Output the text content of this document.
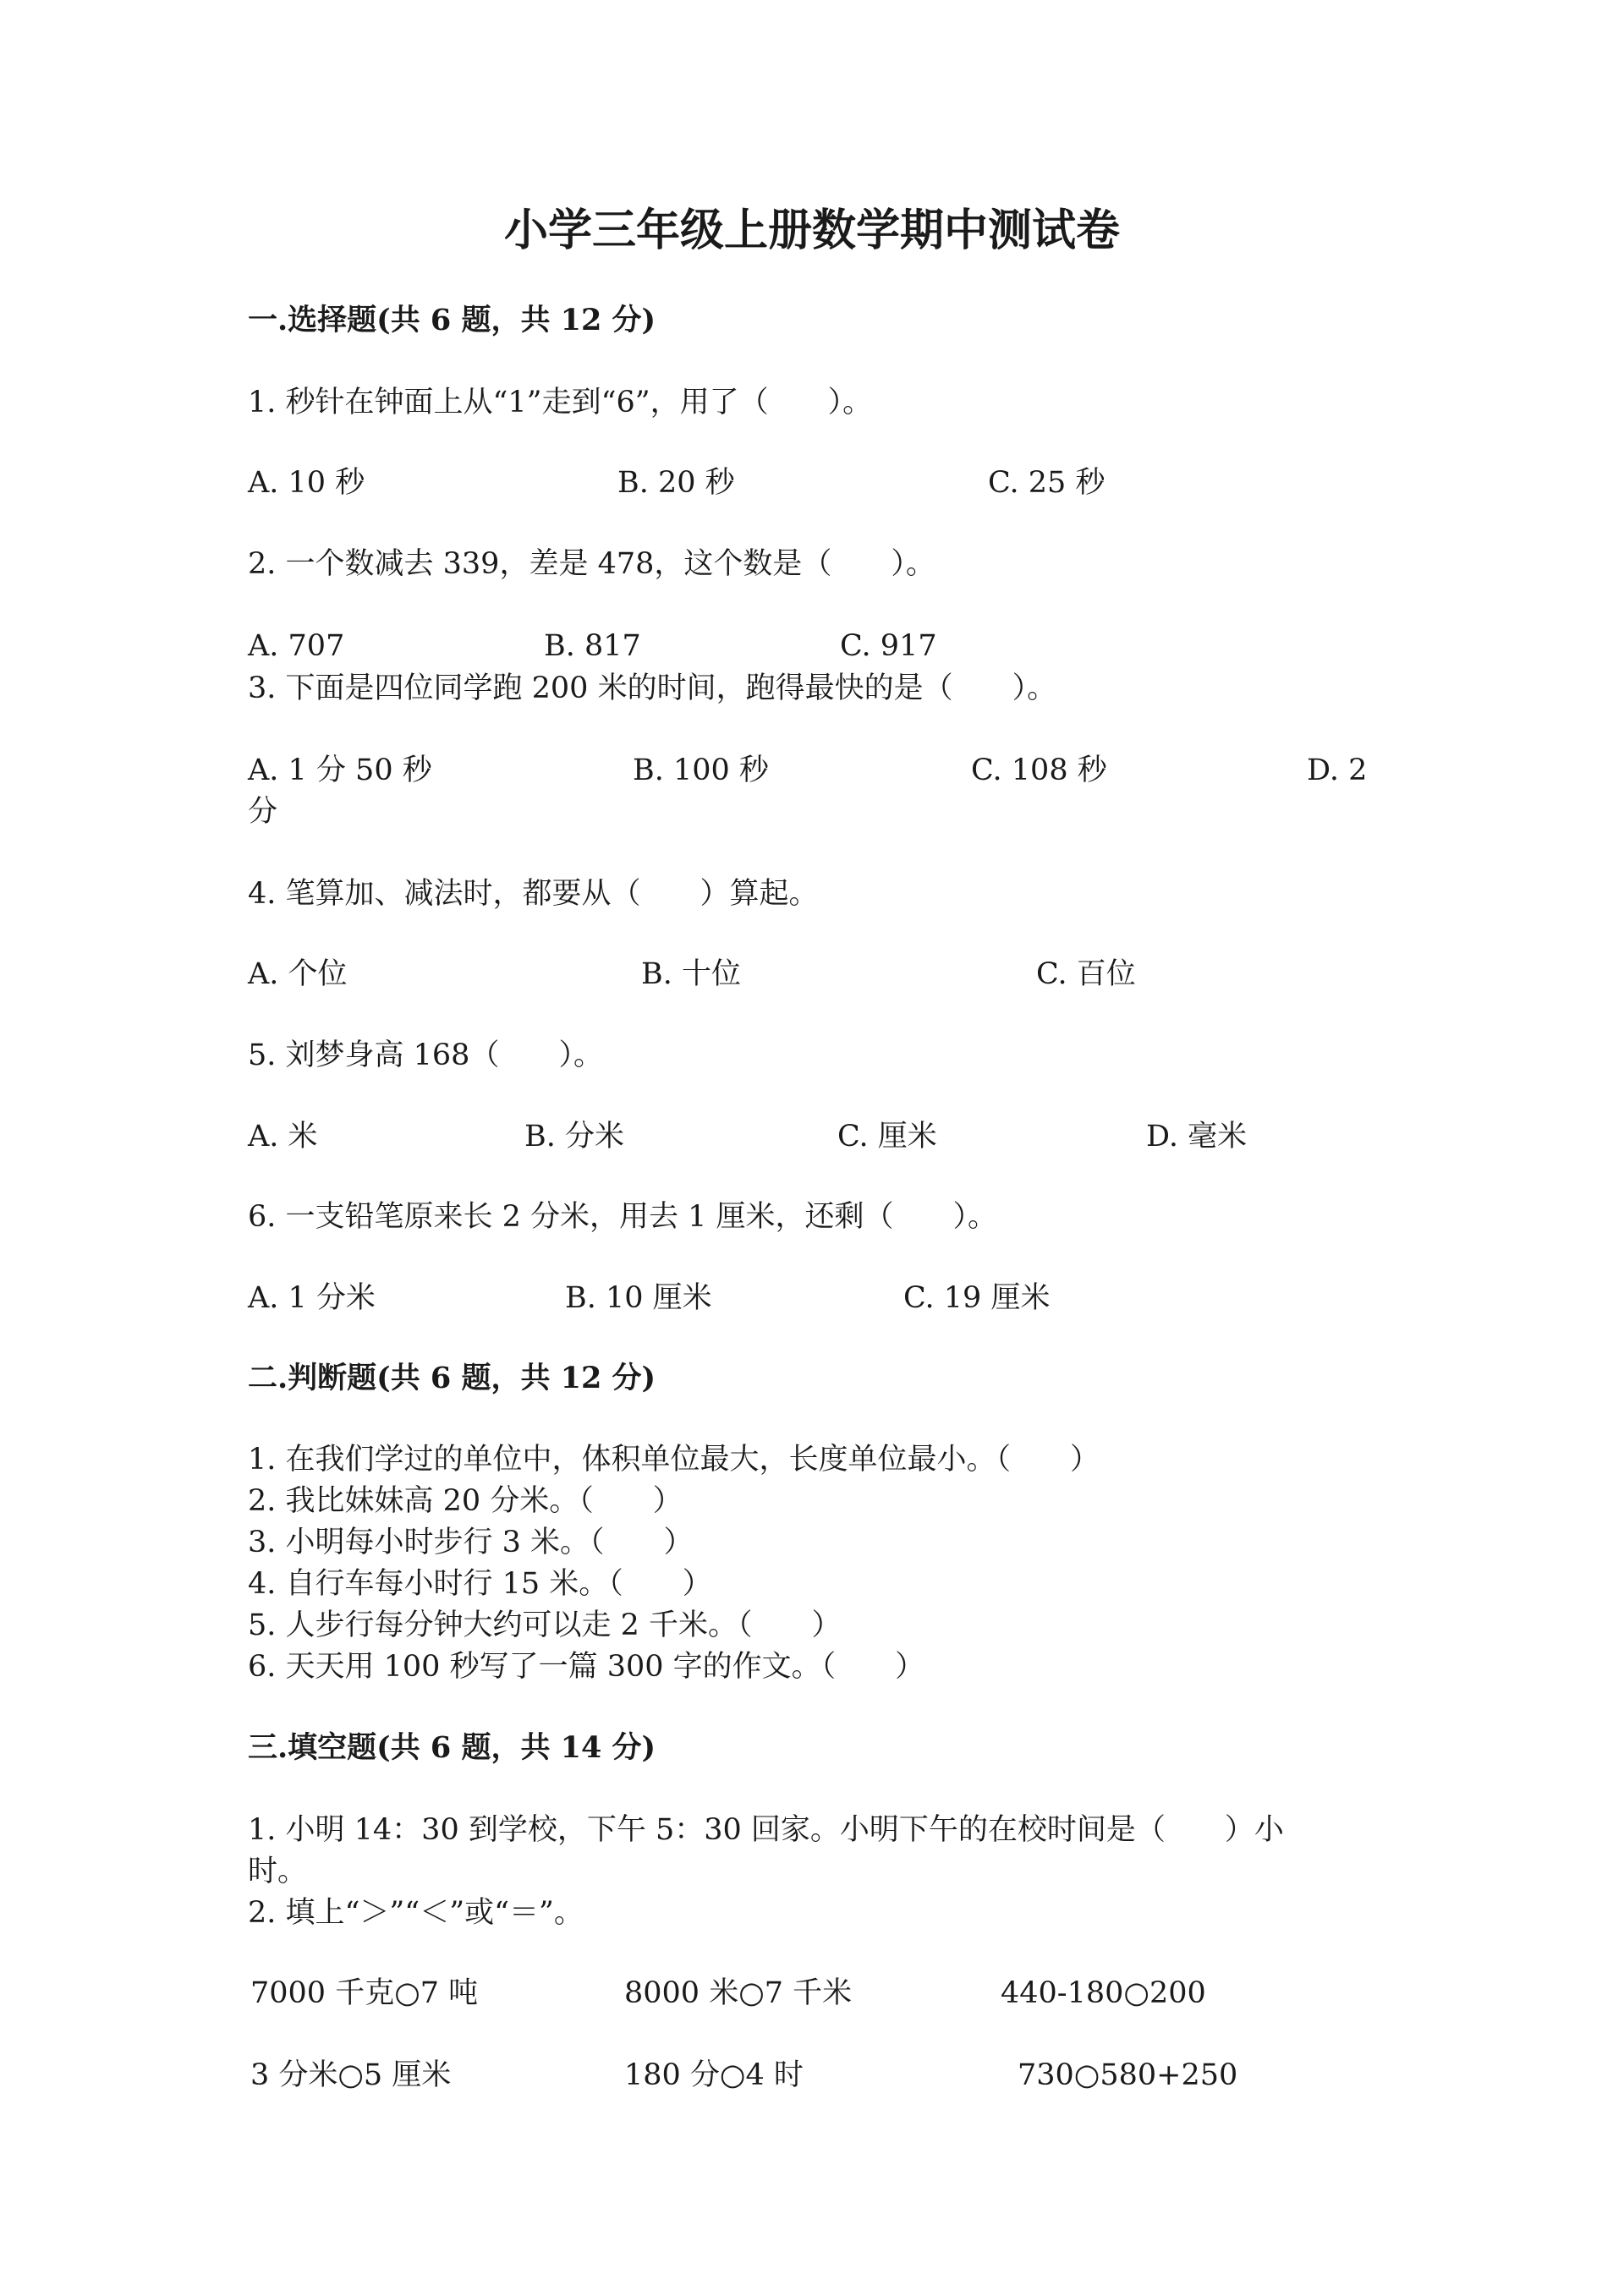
小学三年级上册数学期中测试卷
一.选择题(共 6 题，共 12 分)
1. 秒针在钟面上从“1”走到“6”，用了（　　）。
A. 10 秒	B. 20 秒	C. 25 秒
2. 一个数减去 339，差是 478，这个数是（　　）。
A. 707	B. 817	C. 917
3. 下面是四位同学跑 200 米的时间，跑得最快的是（　　）。
A. 1 分 50 秒	B. 100 秒	C. 108 秒	D. 2
分
4. 笔算加、减法时，都要从（　　）算起。
A. 个位	B. 十位	C. 百位
5. 刘梦身高 168（　　）。
A. 米	B. 分米	C. 厘米	D. 毫米
6. 一支铅笔原来长 2 分米，用去 1 厘米，还剩（　　）。
A. 1 分米	B. 10 厘米	C. 19 厘米
二.判断题(共 6 题，共 12 分)
1. 在我们学过的单位中，体积单位最大，长度单位最小。（　　）
2. 我比妹妹高 20 分米。（　　）
3. 小明每小时步行 3 米。（　　）
4. 自行车每小时行 15 米。（　　）
5. 人步行每分钟大约可以走 2 千米。（　　）
6. 天天用 100 秒写了一篇 300 字的作文。（　　）
三.填空题(共 6 题，共 14 分)
1. 小明 14：30 到学校，下午 5：30 回家。小明下午的在校时间是（　　）小
时。
2. 填上“＞”“＜”或“＝”。
7000 千克○7 吨	8000 米○7 千米	440-180○200
3 分米○5 厘米	180 分○4 时	730○580+250
